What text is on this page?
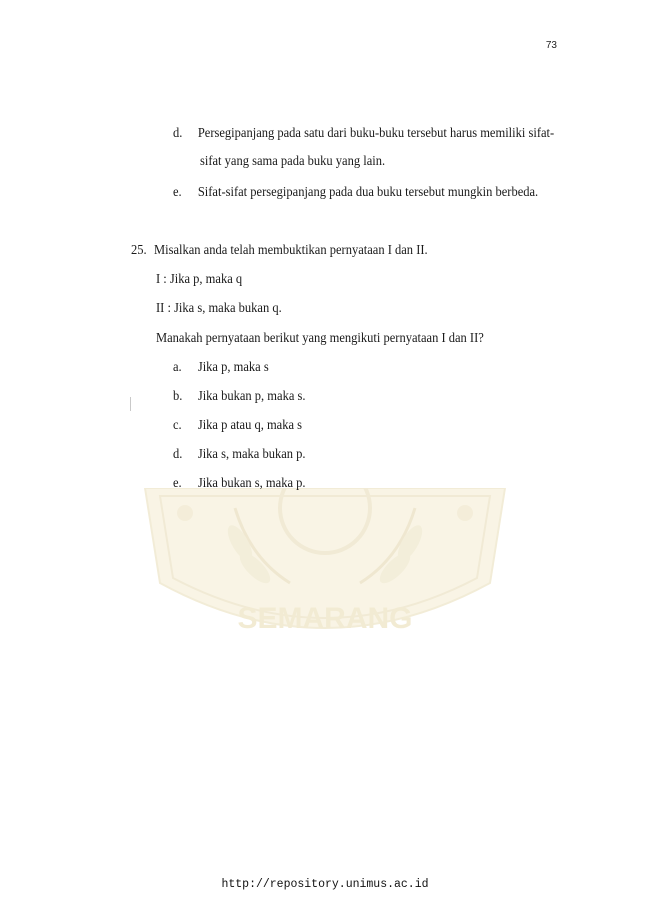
73
SEMARANG
d. Persegipanjang pada satu dari buku-buku tersebut harus memiliki sifat-
sifat yang sama pada buku yang lain.
e. Sifat-sifat persegipanjang pada dua buku tersebut mungkin berbeda.
25. Misalkan anda telah membuktikan pernyataan I dan II.
I : Jika p, maka q
II : Jika s, maka bukan q.
Manakah pernyataan berikut yang mengikuti pernyataan I dan II?
a. Jika p, maka s
b. Jika bukan p, maka s.
c. Jika p atau q, maka s
d. Jika s, maka bukan p.
e. Jika bukan s, maka p.
http://repository.unimus.ac.id
